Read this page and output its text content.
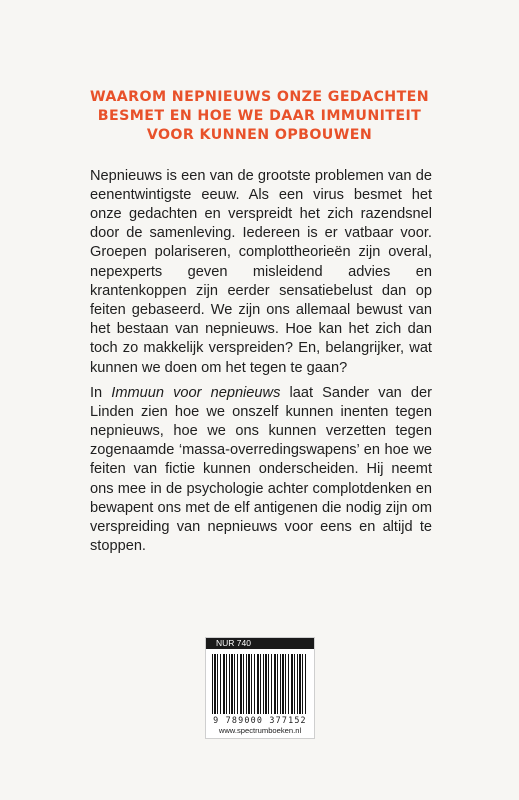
WAAROM NEPNIEUWS ONZE GEDACHTEN
BESMET EN HOE WE DAAR IMMUNITEIT
VOOR KUNNEN OPBOUWEN

Nepnieuws is een van de grootste problemen van de eenentwintigste eeuw. Als een virus besmet het onze gedachten en verspreidt het zich razendsnel door de samenleving. Iedereen is er vatbaar voor. Groepen polariseren, complottheorieën zijn overal, nepexperts geven misleidend advies en krantenkoppen zijn eerder sensatiebelust dan op feiten gebaseerd. We zijn ons allemaal bewust van het bestaan van nepnieuws. Hoe kan het zich dan toch zo makkelijk verspreiden? En, belangrijker, wat kunnen we doen om het tegen te gaan?

In Immuun voor nepnieuws laat Sander van der Linden zien hoe we onszelf kunnen inenten tegen nepnieuws, hoe we ons kunnen verzetten tegen zogenaamde ‘massa-overredingswapens’ en hoe we feiten van fictie kunnen onderscheiden. Hij neemt ons mee in de psychologie achter complotdenken en bewapent ons met de elf antigenen die nodig zijn om verspreiding van nepnieuws voor eens en altijd te stoppen.

NUR 740
9 789000 377152
www.spectrumboeken.nl
